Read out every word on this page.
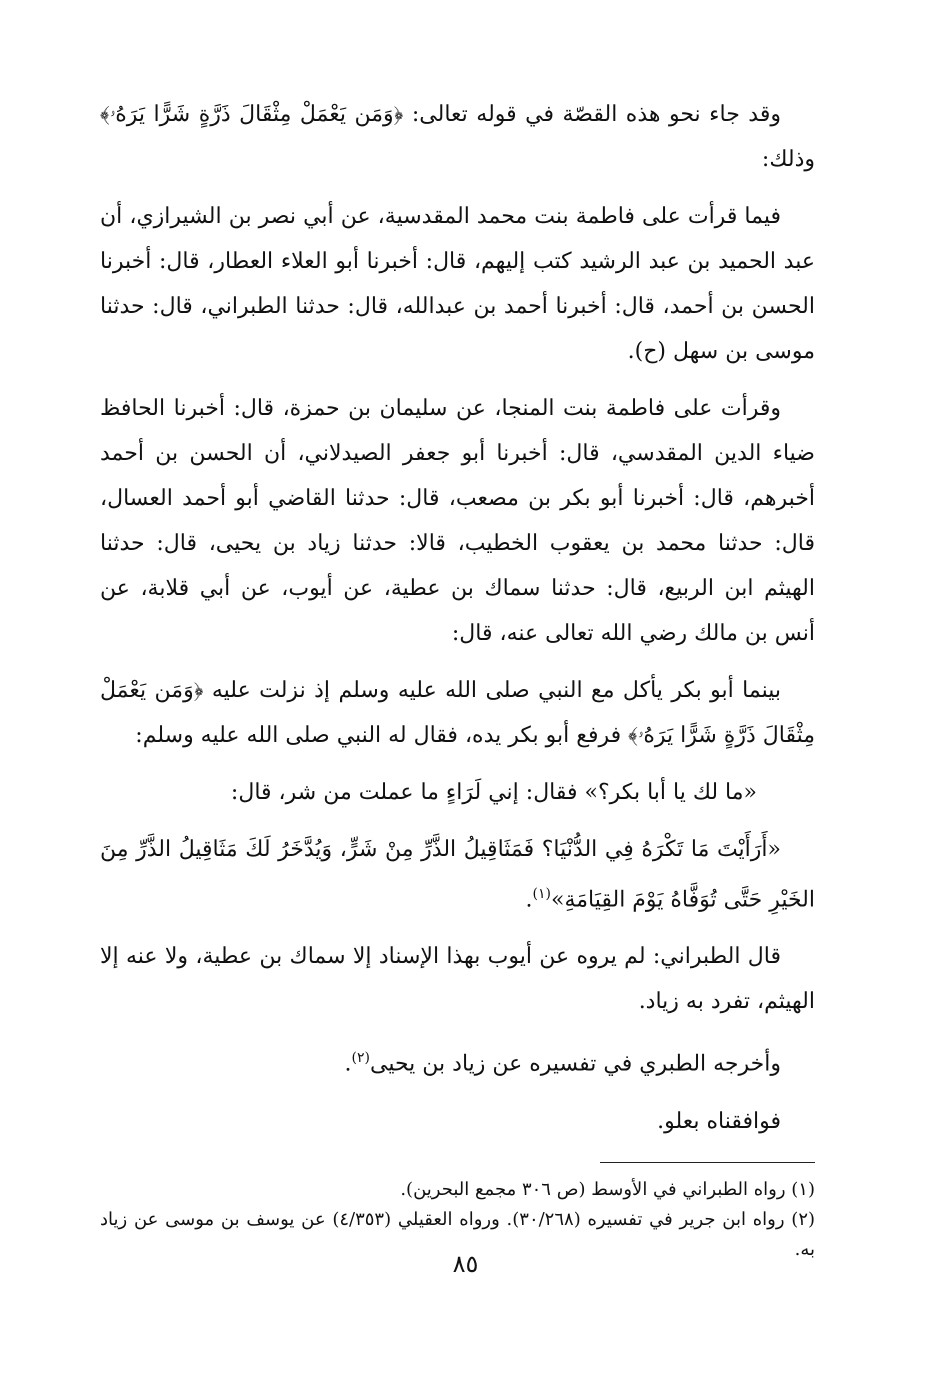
وقد جاء نحو هذه القصّة في قوله تعالى: ﴿وَمَن يَعْمَلْ مِثْقَالَ ذَرَّةٍ شَرًّا يَرَهُۥ﴾ وذلك:

فيما قرأت على فاطمة بنت محمد المقدسية، عن أبي نصر بن الشيرازي، أن عبد الحميد بن عبد الرشيد كتب إليهم، قال: أخبرنا أبو العلاء العطار، قال: أخبرنا الحسن بن أحمد، قال: أخبرنا أحمد بن عبدالله، قال: حدثنا الطبراني، قال: حدثنا موسى بن سهل (ح).

وقرأت على فاطمة بنت المنجا، عن سليمان بن حمزة، قال: أخبرنا الحافظ ضياء الدين المقدسي، قال: أخبرنا أبو جعفر الصيدلاني، أن الحسن بن أحمد أخبرهم، قال: أخبرنا أبو بكر بن مصعب، قال: حدثنا القاضي أبو أحمد العسال، قال: حدثنا محمد بن يعقوب الخطيب، قالا: حدثنا زياد بن يحيى، قال: حدثنا الهيثم ابن الربيع، قال: حدثنا سماك بن عطية، عن أيوب، عن أبي قلابة، عن أنس بن مالك رضي الله تعالى عنه، قال:

بينما أبو بكر يأكل مع النبي صلى الله عليه وسلم إذ نزلت عليه ﴿وَمَن يَعْمَلْ مِثْقَالَ ذَرَّةٍ شَرًّا يَرَهُۥ﴾ فرفع أبو بكر يده، فقال له النبي صلى الله عليه وسلم:

«ما لك يا أبا بكر؟» فقال: إني لَرَاءٍ ما عملت من شر، قال:

«أَرَأَيْتَ مَا تَكْرَهُ فِي الدُّنْيَا؟ فَمَثَاقِيلُ الذَّرِّ مِنْ شَرٍّ، وَيُدَّخَرُ لَكَ مَثَاقِيلُ الذَّرِّ مِنَ الخَيْرِ حَتَّى تُوَفَّاهُ يَوْمَ القِيَامَةِ»$^{(١)}$.

قال الطبراني: لم يروه عن أيوب بهذا الإسناد إلا سماك بن عطية، ولا عنه إلا الهيثم، تفرد به زياد.

وأخرجه الطبري في تفسيره عن زياد بن يحيى$^{(٢)}$.

فوافقناه بعلو.

(١) رواه الطبراني في الأوسط (ص ٣٠٦ مجمع البحرين).

(٢) رواه ابن جرير في تفسيره (٣٠/٢٦٨). ورواه العقيلي (٤/٣٥٣) عن يوسف بن موسى عن زياد به.

٨٥
